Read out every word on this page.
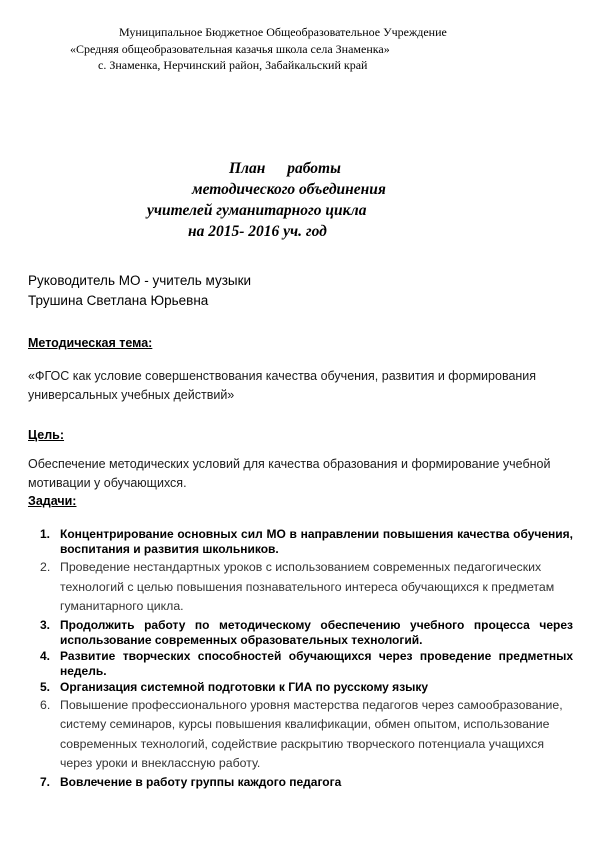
Муниципальное Бюджетное Общеобразовательное Учреждение
«Средняя общеобразовательная казачья школа села Знаменка»
с. Знаменка, Нерчинский район, Забайкальский край
План работы
методического объединения
учителей гуманитарного цикла
на 2015- 2016 уч. год
Руководитель МО - учитель музыки
Трушина Светлана Юрьевна
Методическая тема:
«ФГОС как условие совершенствования качества обучения, развития и формирования универсальных учебных действий»
Цель:
Обеспечение методических условий для качества образования и формирование учебной мотивации у обучающихся.
Задачи:
1. Концентрирование основных сил МО в направлении повышения качества обучения, воспитания и развития школьников.
2. Проведение нестандартных уроков с использованием современных педагогических технологий с целью повышения познавательного интереса обучающихся к предметам гуманитарного цикла.
3. Продолжить работу по методическому обеспечению учебного процесса через использование современных образовательных технологий.
4. Развитие творческих способностей обучающихся через проведение предметных недель.
5. Организация системной подготовки к ГИА по русскому языку
6. Повышение профессионального уровня мастерства педагогов через самообразование, систему семинаров, курсы повышения квалификации, обмен опытом, использование современных технологий, содействие раскрытию творческого потенциала учащихся через уроки и внеклассную работу.
7. Вовлечение в работу группы каждого педагога
